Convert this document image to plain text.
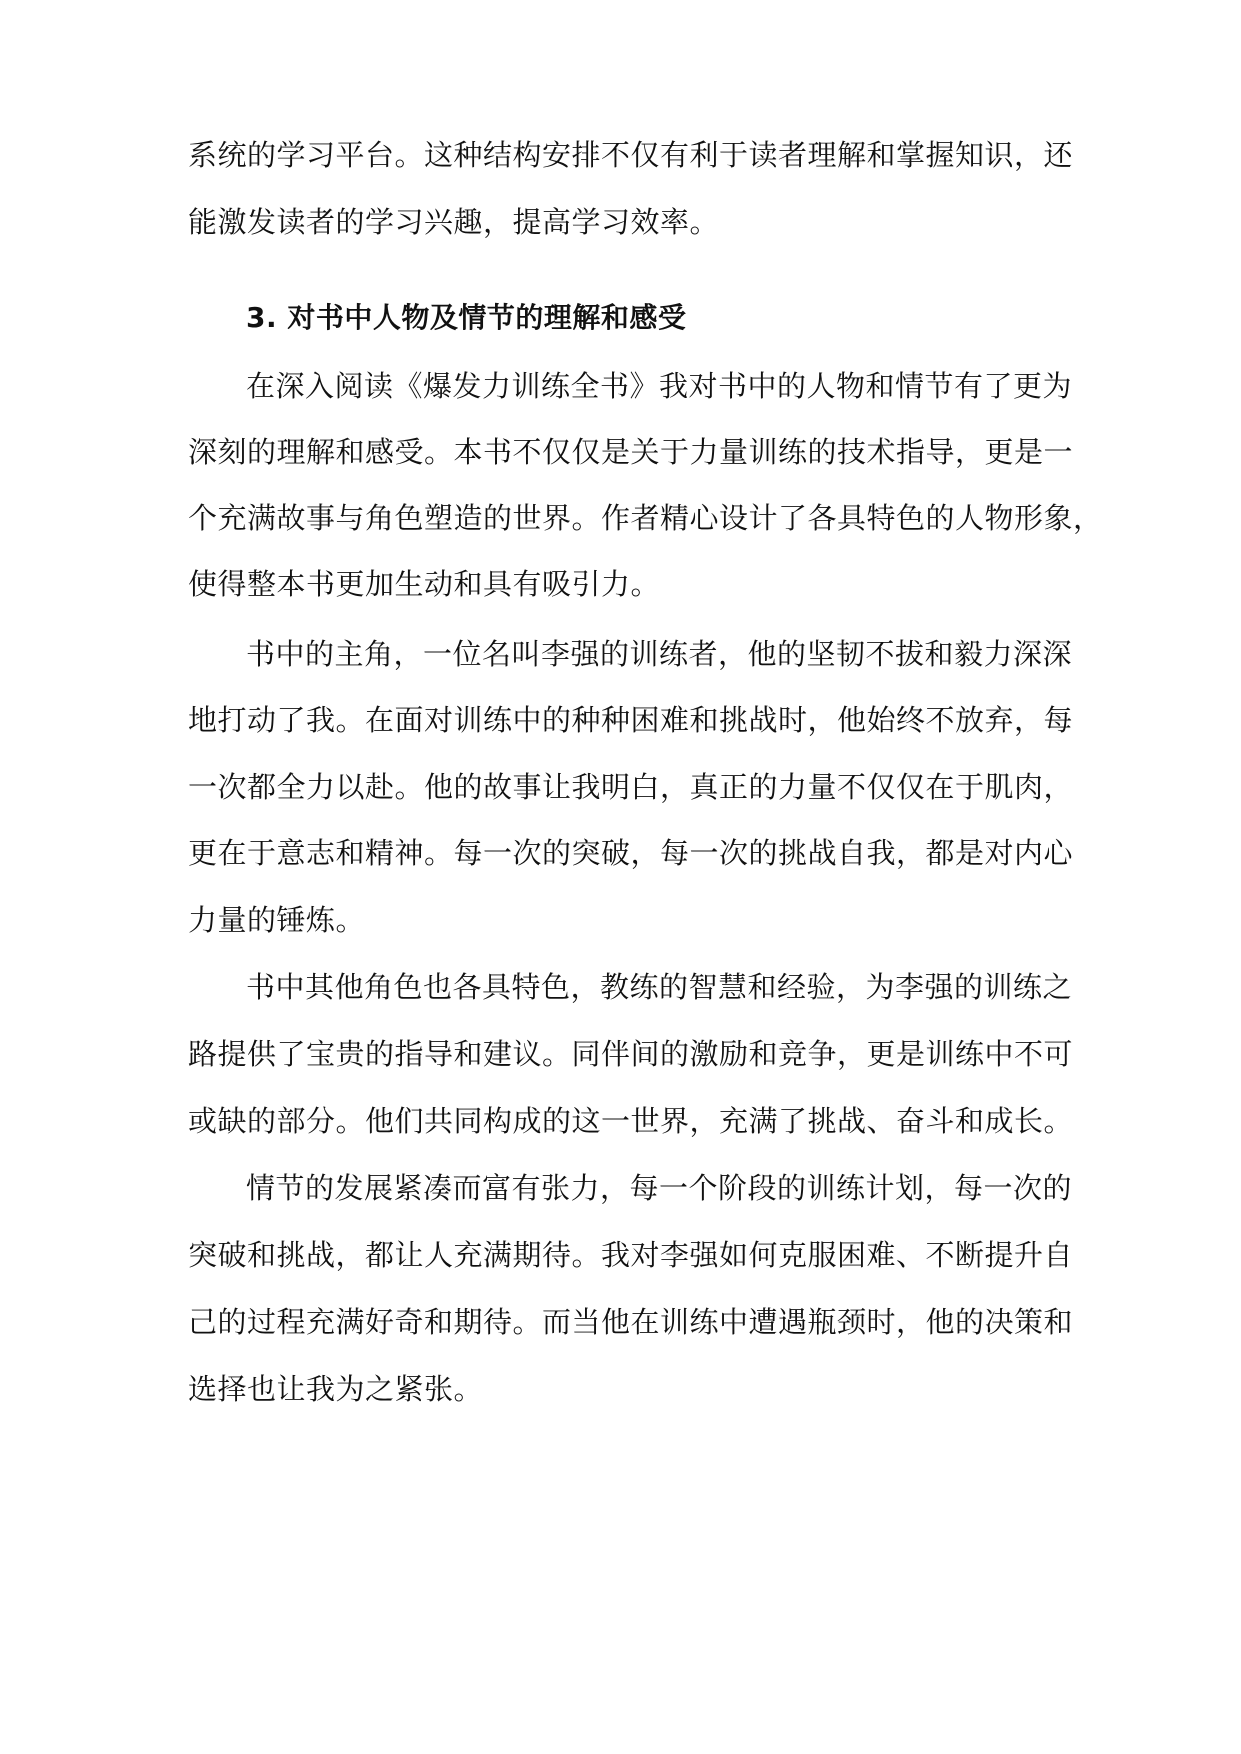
系统的学习平台。这种结构安排不仅有利于读者理解和掌握知识，还
能激发读者的学习兴趣，提高学习效率。
3. 对书中人物及情节的理解和感受
在深入阅读《爆发力训练全书》我对书中的人物和情节有了更为
深刻的理解和感受。本书不仅仅是关于力量训练的技术指导，更是一
个充满故事与角色塑造的世界。作者精心设计了各具特色的人物形象，
使得整本书更加生动和具有吸引力。
书中的主角，一位名叫李强的训练者，他的坚韧不拔和毅力深深
地打动了我。在面对训练中的种种困难和挑战时，他始终不放弃，每
一次都全力以赴。他的故事让我明白，真正的力量不仅仅在于肌肉，
更在于意志和精神。每一次的突破，每一次的挑战自我，都是对内心
力量的锤炼。
书中其他角色也各具特色，教练的智慧和经验，为李强的训练之
路提供了宝贵的指导和建议。同伴间的激励和竞争，更是训练中不可
或缺的部分。他们共同构成的这一世界，充满了挑战、奋斗和成长。
情节的发展紧凑而富有张力，每一个阶段的训练计划，每一次的
突破和挑战，都让人充满期待。我对李强如何克服困难、不断提升自
己的过程充满好奇和期待。而当他在训练中遭遇瓶颈时，他的决策和
选择也让我为之紧张。
